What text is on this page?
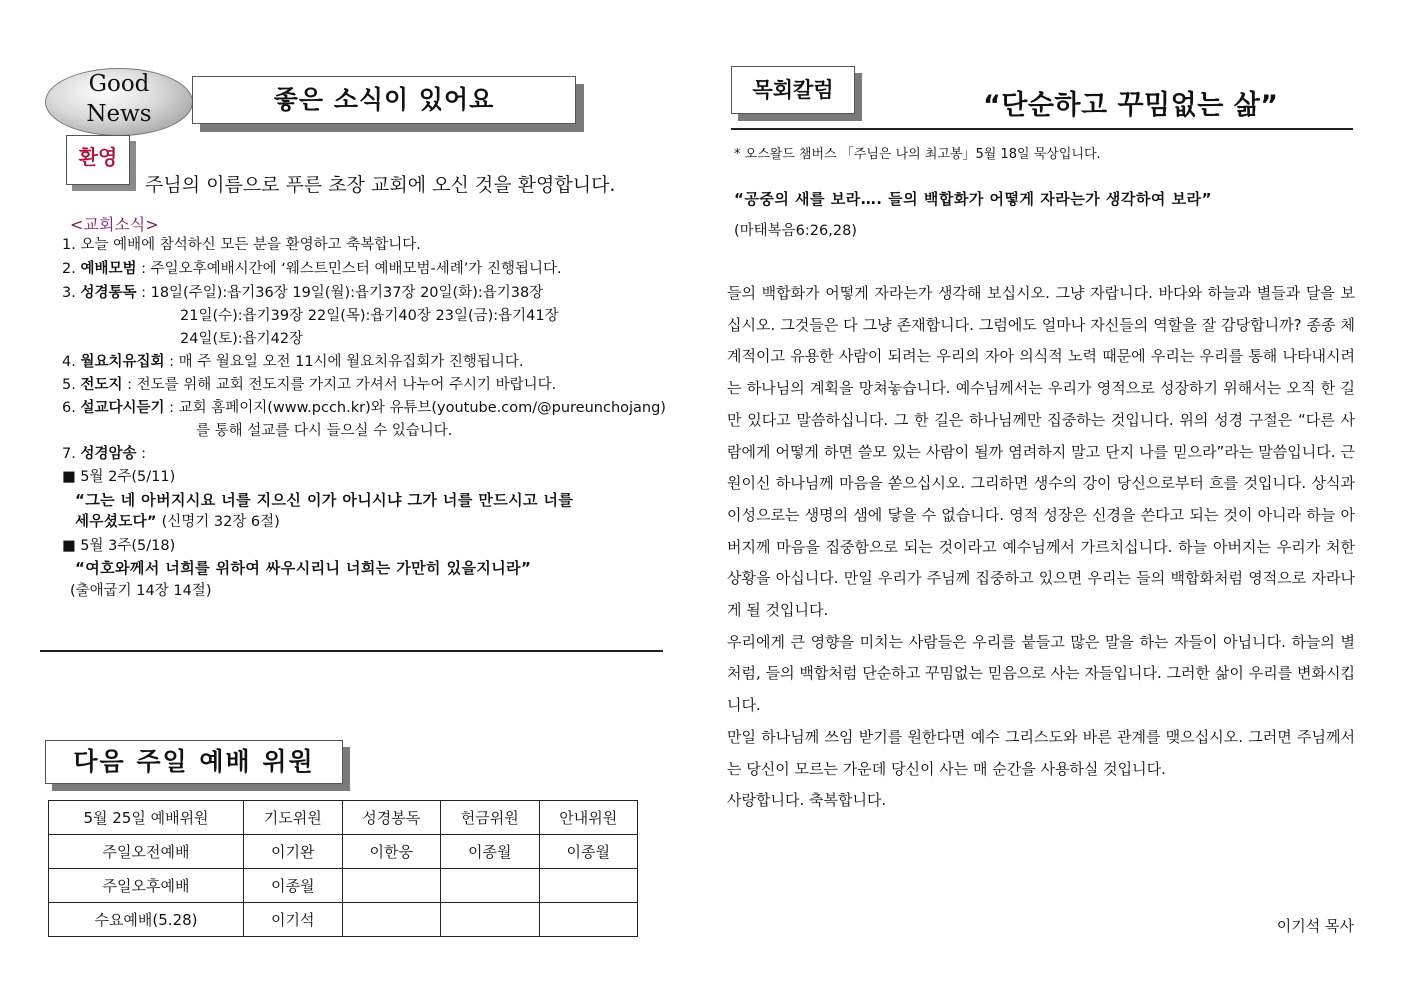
Good
News	좋은 소식이 있어요
환영
주님의 이름으로 푸른 초장 교회에 오신 것을 환영합니다.
<교회소식>
1. 오늘 예배에 참석하신 모든 분을 환영하고 축복합니다.
2. 예배모범 : 주일오후예배시간에 ‘웨스트민스터 예배모범-세례’가 진행됩니다.
3. 성경통독 : 18일(주일):욥기36장 19일(월):욥기37장 20일(화):욥기38장
21일(수):욥기39장 22일(목):욥기40장 23일(금):욥기41장
24일(토):욥기42장
4. 월요치유집회 : 매 주 월요일 오전 11시에 월요치유집회가 진행됩니다.
5. 전도지 : 전도를 위해 교회 전도지를 가지고 가셔서 나누어 주시기 바랍니다.
6. 설교다시듣기 : 교회 홈페이지(www.pcch.kr)와 유튜브(youtube.com/@pureunchojang)
를 통해 설교를 다시 들으실 수 있습니다.
7. 성경암송 :
■ 5월 2주(5/11)
“그는 네 아버지시요 너를 지으신 이가 아니시냐 그가 너를 만드시고 너를
세우셨도다” (신명기 32장 6절)
■ 5월 3주(5/18)
“여호와께서 너희를 위하여 싸우시리니 너희는 가만히 있을지니라”
(출애굽기 14장 14절)
다음 주일 예배 위원
5월 25일 예배위원	기도위원	성경봉독	헌금위원	안내위원
주일오전예배	이기완	이한웅	이종월	이종월
주일오후예배	이종월			
수요예배(5.28)	이기석			
목회칼럼	“단순하고 꾸밈없는 삶”
* 오스왈드 챔버스 「주님은 나의 최고봉」5월 18일 묵상입니다.
“공중의 새를 보라…. 들의 백합화가 어떻게 자라는가 생각하여 보라”
(마태복음6:26,28)

들의 백합화가 어떻게 자라는가 생각해 보십시오. 그냥 자랍니다. 바다와 하늘과 별들과 달을 보십시오. 그것들은 다 그냥 존재합니다. 그럼에도 얼마나 자신들의 역할을 잘 감당합니까? 종종 체계적이고 유용한 사람이 되려는 우리의 자아 의식적 노력 때문에 우리는 우리를 통해 나타내시려는 하나님의 계획을 망쳐놓습니다. 예수님께서는 우리가 영적으로 성장하기 위해서는 오직 한 길만 있다고 말씀하십니다. 그 한 길은 하나님께만 집중하는 것입니다. 위의 성경 구절은 “다른 사람에게 어떻게 하면 쓸모 있는 사람이 될까 염려하지 말고 단지 나를 믿으라”라는 말씀입니다. 근원이신 하나님께 마음을 쏟으십시오. 그리하면 생수의 강이 당신으로부터 흐를 것입니다. 상식과 이성으로는 생명의 샘에 닿을 수 없습니다. 영적 성장은 신경을 쓴다고 되는 것이 아니라 하늘 아버지께 마음을 집중함으로 되는 것이라고 예수님께서 가르치십니다. 하늘 아버지는 우리가 처한 상황을 아십니다. 만일 우리가 주님께 집중하고 있으면 우리는 들의 백합화처럼 영적으로 자라나게 될 것입니다.

우리에게 큰 영향을 미치는 사람들은 우리를 붙들고 많은 말을 하는 자들이 아닙니다. 하늘의 별처럼, 들의 백합처럼 단순하고 꾸밈없는 믿음으로 사는 자들입니다. 그러한 삶이 우리를 변화시킵니다.

만일 하나님께 쓰임 받기를 원한다면 예수 그리스도와 바른 관계를 맺으십시오. 그러면 주님께서는 당신이 모르는 가운데 당신이 사는 매 순간을 사용하실 것입니다.

사랑합니다. 축복합니다.

이기석 목사
